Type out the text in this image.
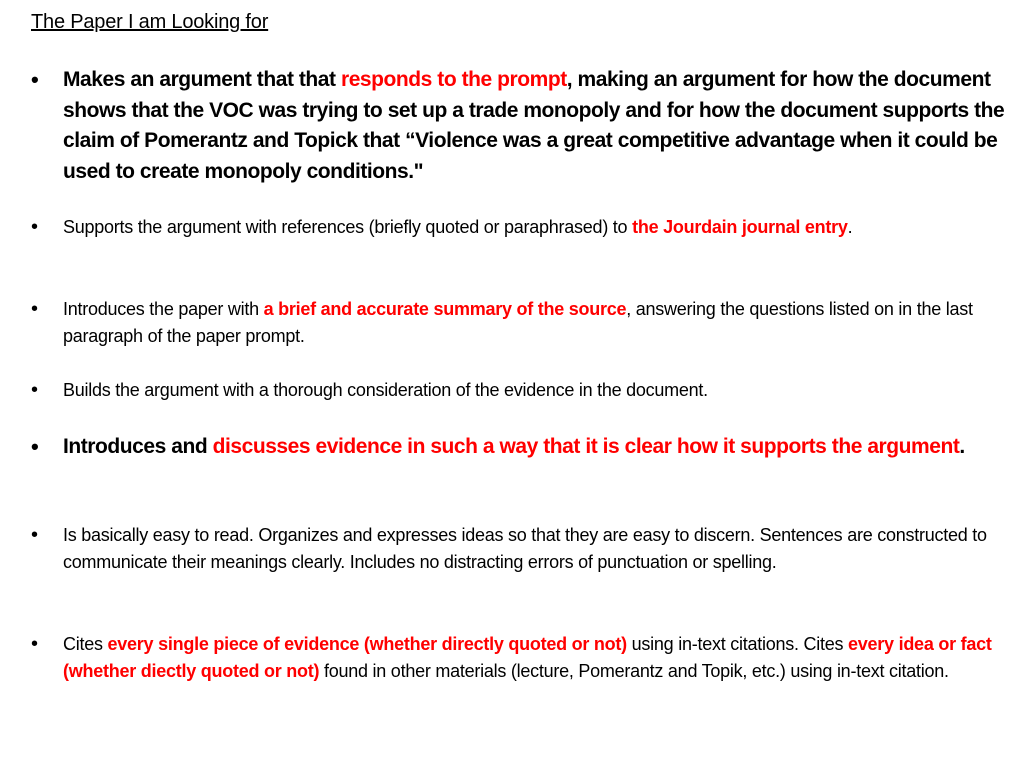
The Paper I am Looking for
• Makes an argument that that responds to the prompt, making an argument for how the document shows that the VOC was trying to set up a trade monopoly and for how the document supports the claim of Pomerantz and Topick that “Violence was a great competitive advantage when it could be used to create monopoly conditions."
• Supports the argument with references (briefly quoted or paraphrased) to the Jourdain journal entry.
• Introduces the paper with a brief and accurate summary of the source, answering the questions listed on in the last paragraph of the paper prompt.
• Builds the argument with a thorough consideration of the evidence in the document.
• Introduces and discusses evidence in such a way that it is clear how it supports the argument.
• Is basically easy to read. Organizes and expresses ideas so that they are easy to discern. Sentences are constructed to communicate their meanings clearly. Includes no distracting errors of punctuation or spelling.
• Cites every single piece of evidence (whether directly quoted or not) using in-text citations. Cites every idea or fact (whether diectly quoted or not) found in other materials (lecture, Pomerantz and Topik, etc.) using in-text citation.
